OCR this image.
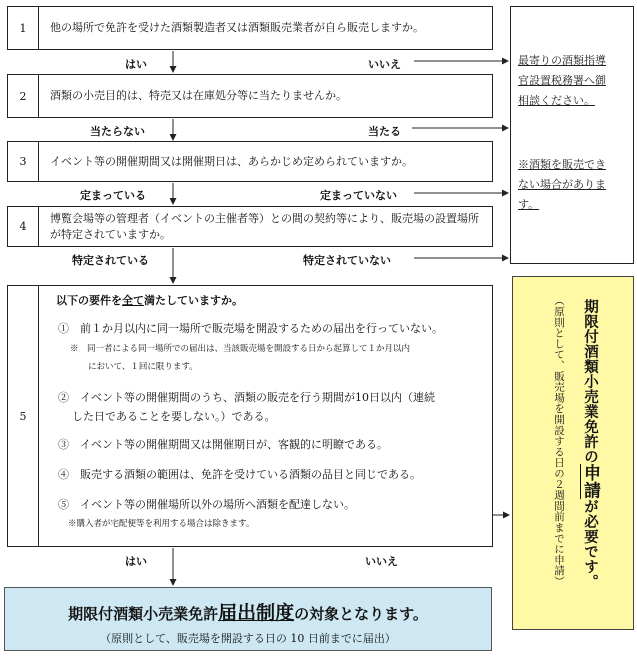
1	他の場所で免許を受けた酒類製造者又は酒類販売業者が自ら販売しますか。
はい	いいえ
2	酒類の小売目的は、特売又は在庫処分等に当たりませんか。
当たらない	当たる
3	イベント等の開催期間又は開催期日は、あらかじめ定められていますか。
定まっている	定まっていない
4
博覧会場等の管理者（イベントの主催者等）との間の契約等により、販売場の設置場所が特定されていますか。
特定されている	特定されていない
5
以下の要件を全て満たしていますか。
①　前１か月以内に同一場所で販売場を開設するための届出を行っていない。
※　同一者による同一場所での届出は、当該販売場を開設する日から起算して１か月以内
において、１回に限ります。
②　イベント等の開催期間のうち、酒類の販売を行う期間が10日以内（連続
した日であることを要しない。）である。
③　イベント等の開催期間又は開催期日が、客観的に明瞭である。
④　販売する酒類の範囲は、免許を受けている酒類の品目と同じである。
⑤　イベント等の開催場所以外の場所へ酒類を配達しない。
※購入者が宅配便等を利用する場合は除きます。
はい	いいえ
最寄りの酒類指導
官設置税務署へ御
相談ください。
※酒類を販売でき
ない場合がありま
す。
期限付酒類小売業免許の申請が必要です。
（原則として、販売場を開設する日の２週間前までに申請）
期限付酒類小売業免許届出制度の対象となります。
（原則として、販売場を開設する日の 10 日前までに届出）
